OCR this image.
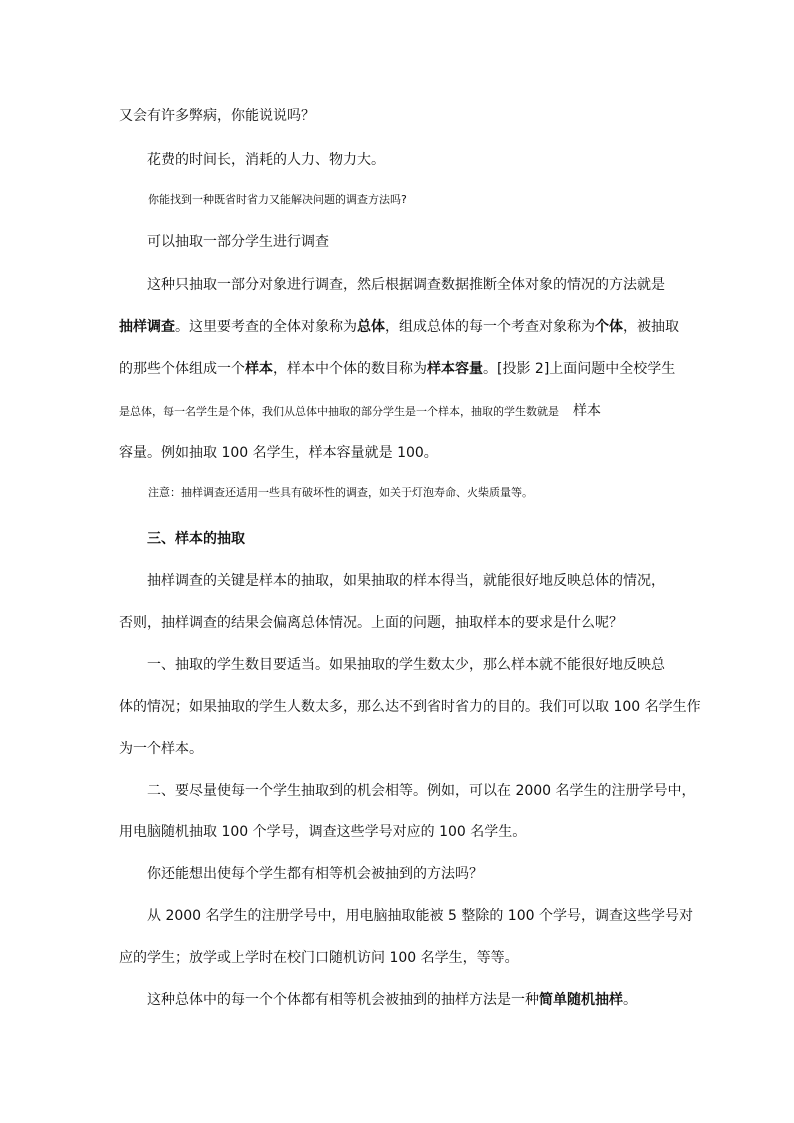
又会有许多弊病，你能说说吗？
花费的时间长，消耗的人力、物力大。
你能找到一种既省时省力又能解决问题的调查方法吗?
可以抽取一部分学生进行调查
这种只抽取一部分对象进行调查，然后根据调查数据推断全体对象的情况的方法就是
抽样调查。这里要考查的全体对象称为总体，组成总体的每一个考查对象称为个体，被抽取
的那些个体组成一个样本，样本中个体的数目称为样本容量。[投影 2]上面问题中全校学生
是总体，每一名学生是个体，我们从总体中抽取的部分学生是一个样本，抽取的学生数就是 样本
容量。例如抽取 100 名学生，样本容量就是 100。
注意：抽样调查还适用一些具有破坏性的调查，如关于灯泡寿命、火柴质量等。
三、样本的抽取
抽样调查的关键是样本的抽取，如果抽取的样本得当，就能很好地反映总体的情况，
否则，抽样调查的结果会偏离总体情况。上面的问题，抽取样本的要求是什么呢？
一、抽取的学生数目要适当。如果抽取的学生数太少，那么样本就不能很好地反映总
体的情况；如果抽取的学生人数太多，那么达不到省时省力的目的。我们可以取 100 名学生作
为一个样本。
二、要尽量使每一个学生抽取到的机会相等。例如，可以在 2000 名学生的注册学号中，
用电脑随机抽取 100 个学号，调查这些学号对应的 100 名学生。
你还能想出使每个学生都有相等机会被抽到的方法吗？
从 2000 名学生的注册学号中，用电脑抽取能被 5 整除的 100 个学号，调查这些学号对
应的学生；放学或上学时在校门口随机访问 100 名学生，等等。
这种总体中的每一个个体都有相等机会被抽到的抽样方法是一种简单随机抽样。
